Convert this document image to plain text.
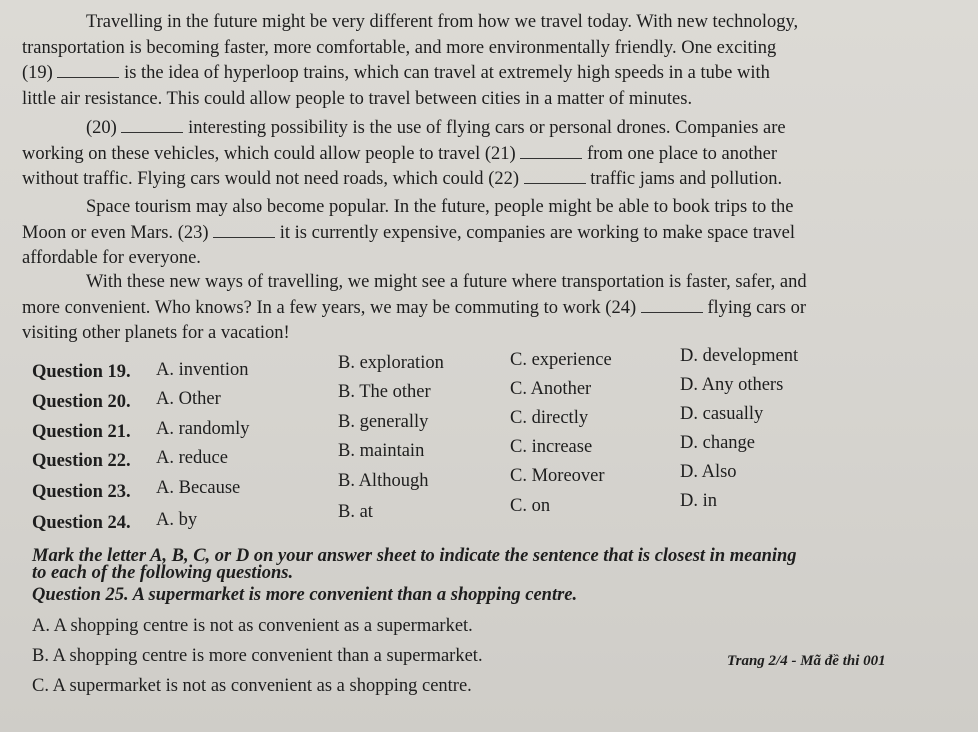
Travelling in the future might be very different from how we travel today. With new technology,
transportation is becoming faster, more comfortable, and more environmentally friendly. One exciting
(19)	is the idea of hyperloop trains, which can travel at extremely high speeds in a tube with
little air resistance. This could allow people to travel between cities in a matter of minutes.
(20)	interesting possibility is the use of flying cars or personal drones. Companies are
working on these vehicles, which could allow people to travel (21)	from one place to another
without traffic. Flying cars would not need roads, which could (22)	traffic jams and pollution.
Space tourism may also become popular. In the future, people might be able to book trips to the
Moon or even Mars. (23)	it is currently expensive, companies are working to make space travel
affordable for everyone.
With these new ways of travelling, we might see a future where transportation is faster, safer, and
more convenient. Who knows? In a few years, we may be commuting to work (24)	flying cars or
visiting other planets for a vacation!
Question 19. A. invention	B. exploration	C. experience	D. development
Question 20. A. Other	B. The other	C. Another	D. Any others
Question 21. A. randomly	B. generally	C. directly	D. casually
Question 22. A. reduce	B. maintain	C. increase	D. change
Question 23. A. Because	B. Although	C. Moreover	D. Also
Question 24. A. by	B. at	C. on	D. in
Mark the letter A, B, C, or D on your answer sheet to indicate the sentence that is closest in meaning
to each of the following questions.
Question 25. A supermarket is more convenient than a shopping centre.
A. A shopping centre is not as convenient as a supermarket.
B. A shopping centre is more convenient than a supermarket.
C. A supermarket is not as convenient as a shopping centre.
Trang 2/4 - Mã đề thi 001
